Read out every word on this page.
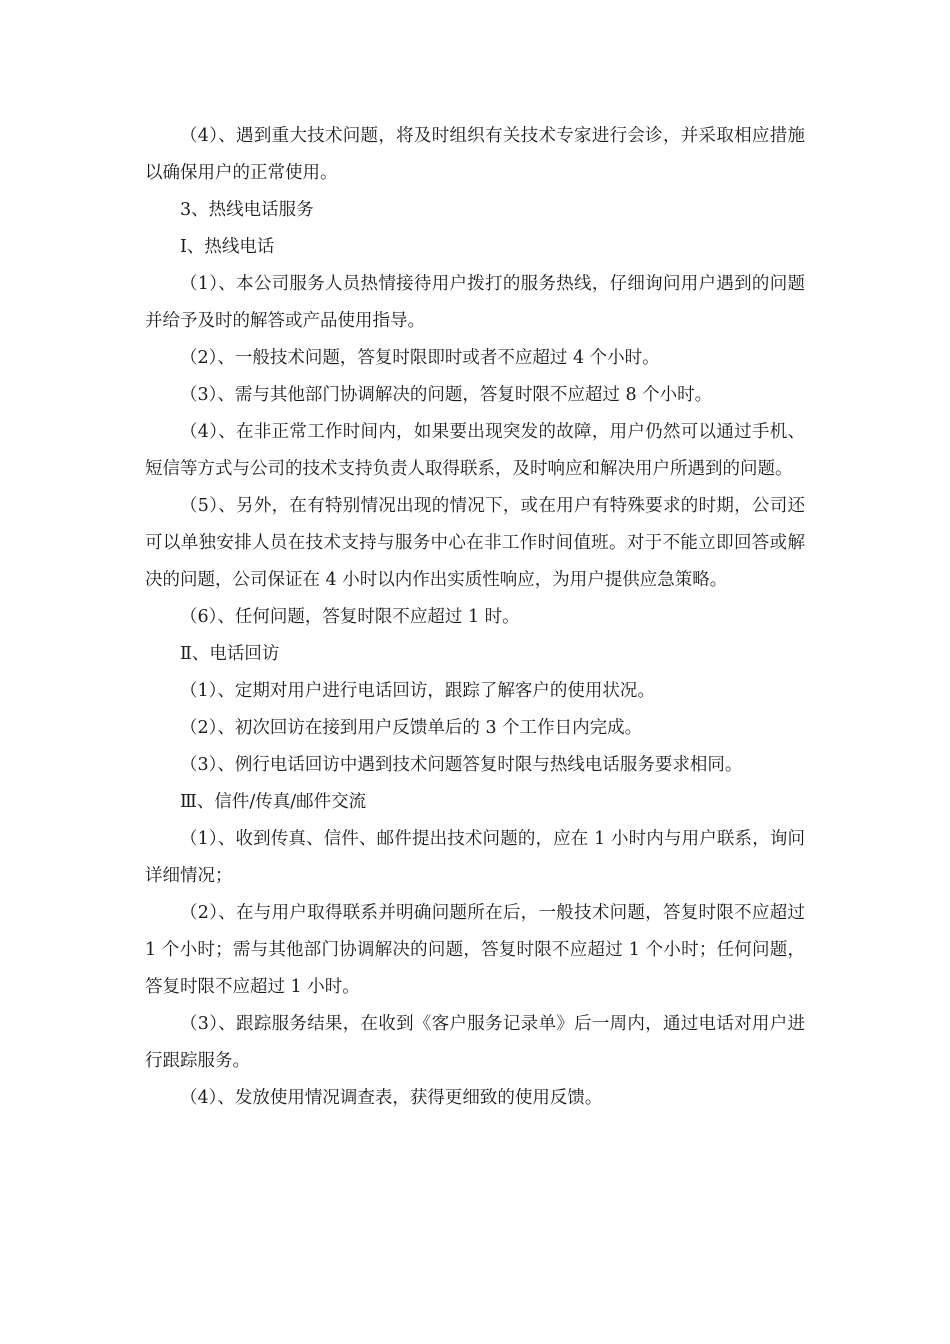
（4）、遇到重大技术问题，将及时组织有关技术专家进行会诊，并采取相应措施以确保用户的正常使用。

3、热线电话服务

Ⅰ、热线电话

（1）、本公司服务人员热情接待用户拨打的服务热线，仔细询问用户遇到的问题并给予及时的解答或产品使用指导。

（2）、一般技术问题，答复时限即时或者不应超过 4 个小时。

（3）、需与其他部门协调解决的问题，答复时限不应超过 8 个小时。

（4）、在非正常工作时间内，如果要出现突发的故障，用户仍然可以通过手机、短信等方式与公司的技术支持负责人取得联系，及时响应和解决用户所遇到的问题。

（5）、另外，在有特别情况出现的情况下，或在用户有特殊要求的时期，公司还可以单独安排人员在技术支持与服务中心在非工作时间值班。对于不能立即回答或解决的问题，公司保证在 4 小时以内作出实质性响应，为用户提供应急策略。

（6）、任何问题，答复时限不应超过 1 时。

Ⅱ、电话回访

（1）、定期对用户进行电话回访，跟踪了解客户的使用状况。

（2）、初次回访在接到用户反馈单后的 3 个工作日内完成。

（3）、例行电话回访中遇到技术问题答复时限与热线电话服务要求相同。

Ⅲ、信件/传真/邮件交流

（1）、收到传真、信件、邮件提出技术问题的，应在 1 小时内与用户联系，询问详细情况；

（2）、在与用户取得联系并明确问题所在后，一般技术问题，答复时限不应超过 1 个小时；需与其他部门协调解决的问题，答复时限不应超过 1 个小时；任何问题，答复时限不应超过 1 小时。

（3）、跟踪服务结果，在收到《客户服务记录单》后一周内，通过电话对用户进行跟踪服务。

（4）、发放使用情况调查表，获得更细致的使用反馈。
